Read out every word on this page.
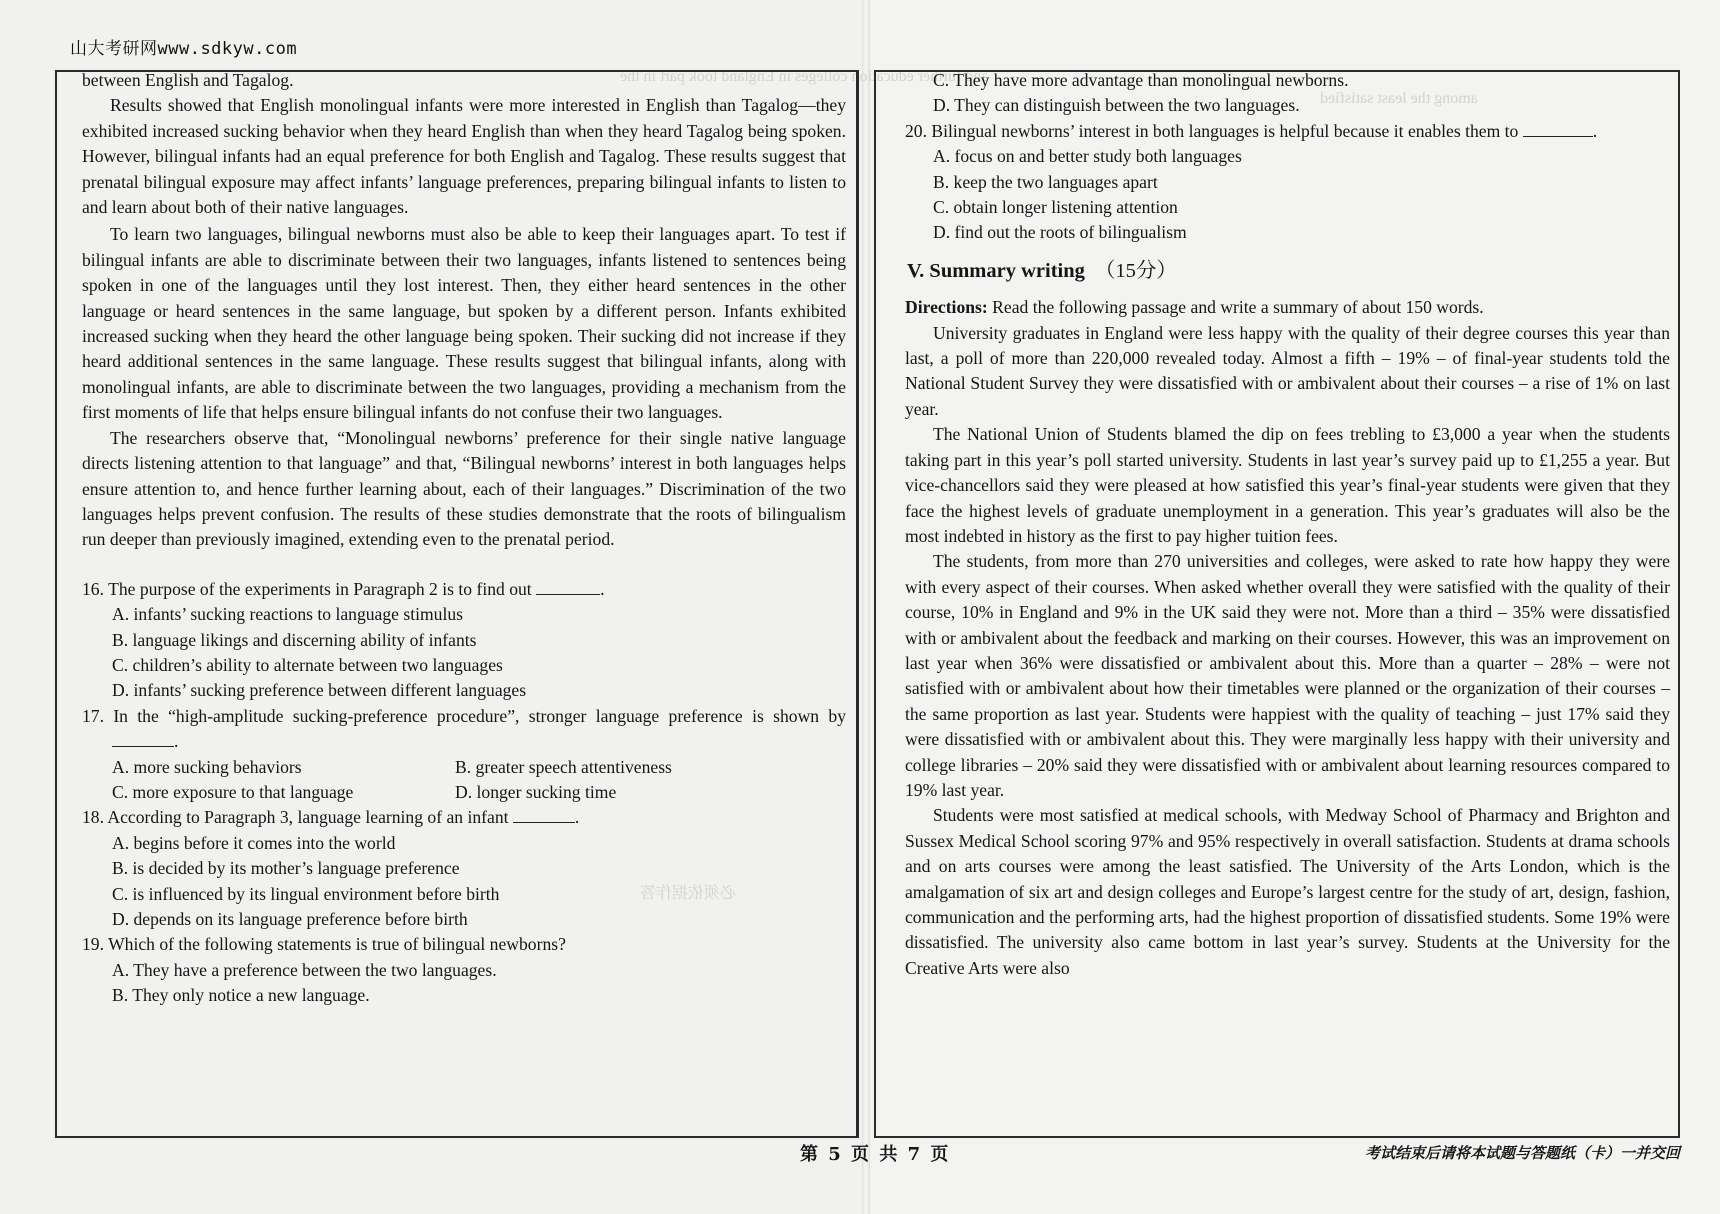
and further education colleges in England took part in the
必须依据作答
among the least satisfied
山大考研网www.sdkyw.com

between English and Tagalog.

Results showed that English monolingual infants were more interested in English than Tagalog—they exhibited increased sucking behavior when they heard English than when they heard Tagalog being spoken. However, bilingual infants had an equal preference for both English and Tagalog. These results suggest that prenatal bilingual exposure may affect infants’ language preferences, preparing bilingual infants to listen to and learn about both of their native languages.

To learn two languages, bilingual newborns must also be able to keep their languages apart. To test if bilingual infants are able to discriminate between their two languages, infants listened to sentences being spoken in one of the languages until they lost interest. Then, they either heard sentences in the other language or heard sentences in the same language, but spoken by a different person. Infants exhibited increased sucking when they heard the other language being spoken. Their sucking did not increase if they heard additional sentences in the same language. These results suggest that bilingual infants, along with monolingual infants, are able to discriminate between the two languages, providing a mechanism from the first moments of life that helps ensure bilingual infants do not confuse their two languages.

The researchers observe that, “Monolingual newborns’ preference for their single native language directs listening attention to that language” and that, “Bilingual newborns’ interest in both languages helps ensure attention to, and hence further learning about, each of their languages.” Discrimination of the two languages helps prevent confusion. The results of these studies demonstrate that the roots of bilingualism run deeper than previously imagined, extending even to the prenatal period.

16. The purpose of the experiments in Paragraph 2 is to find out	.

A. infants’ sucking reactions to language stimulus

B. language likings and discerning ability of infants

C. children’s ability to alternate between two languages

D. infants’ sucking preference between different languages

17. In the “high-amplitude sucking-preference procedure”, stronger language preference is shown by .

A. more sucking behaviors	B. greater speech attentiveness
C. more exposure to that language	D. longer sucking time

18. According to Paragraph 3, language learning of an infant	.

A. begins before it comes into the world

B. is decided by its mother’s language preference

C. is influenced by its lingual environment before birth

D. depends on its language preference before birth

19. Which of the following statements is true of bilingual newborns?

A. They have a preference between the two languages.

B. They only notice a new language.

C. They have more advantage than monolingual newborns.

D. They can distinguish between the two languages.

20. Bilingual newborns’ interest in both languages is helpful because it enables them to	.

A. focus on and better study both languages

B. keep the two languages apart

C. obtain longer listening attention

D. find out the roots of bilingualism

V. Summary writing （15分）

Directions: Read the following passage and write a summary of about 150 words.

University graduates in England were less happy with the quality of their degree courses this year than last, a poll of more than 220,000 revealed today. Almost a fifth – 19% – of final-year students told the National Student Survey they were dissatisfied with or ambivalent about their courses – a rise of 1% on last year.

The National Union of Students blamed the dip on fees trebling to £3,000 a year when the students taking part in this year’s poll started university. Students in last year’s survey paid up to £1,255 a year. But vice-chancellors said they were pleased at how satisfied this year’s final-year students were given that they face the highest levels of graduate unemployment in a generation. This year’s graduates will also be the most indebted in history as the first to pay higher tuition fees.

The students, from more than 270 universities and colleges, were asked to rate how happy they were with every aspect of their courses. When asked whether overall they were satisfied with the quality of their course, 10% in England and 9% in the UK said they were not. More than a third – 35% were dissatisfied with or ambivalent about the feedback and marking on their courses. However, this was an improvement on last year when 36% were dissatisfied or ambivalent about this. More than a quarter – 28% – were not satisfied with or ambivalent about how their timetables were planned or the organization of their courses – the same proportion as last year. Students were happiest with the quality of teaching – just 17% said they were dissatisfied with or ambivalent about this. They were marginally less happy with their university and college libraries – 20% said they were dissatisfied with or ambivalent about learning resources compared to 19% last year.

Students were most satisfied at medical schools, with Medway School of Pharmacy and Brighton and Sussex Medical School scoring 97% and 95% respectively in overall satisfaction. Students at drama schools and on arts courses were among the least satisfied. The University of the Arts London, which is the amalgamation of six art and design colleges and Europe’s largest centre for the study of art, design, fashion, communication and the performing arts, had the highest proportion of dissatisfied students. Some 19% were dissatisfied. The university also came bottom in last year’s survey. Students at the University for the Creative Arts were also

第 5 页 共 7 页	考试结束后请将本试题与答题纸（卡）一并交回
